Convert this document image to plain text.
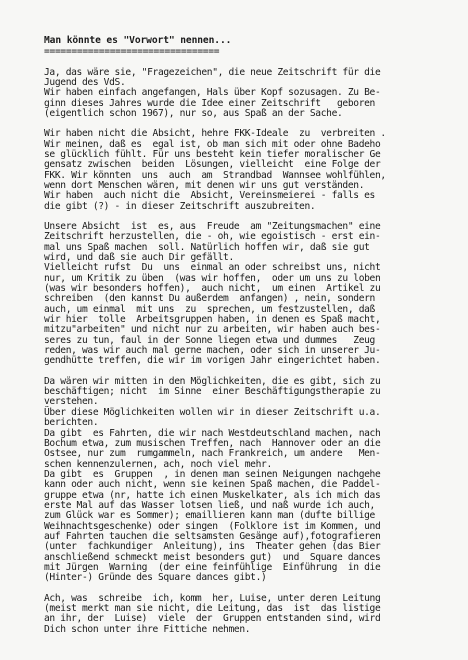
Man könnte es "Vorwort" nennen...
================================
Ja, das wäre sie, "Fragezeichen", die neue Zeitschrift für die
Jugend des VdS.
Wir haben einfach angefangen, Hals über Kopf sozusagen. Zu Be-
ginn dieses Jahres wurde die Idee einer Zeitschrift   geboren
(eigentlich schon 1967), nur so, aus Spaß an der Sache.
Wir haben nicht die Absicht, hehre FKK-Ideale  zu  verbreiten .
Wir meinen, daß es  egal ist, ob man sich mit oder ohne Badeho
se glücklich fühlt. Für uns besteht kein tiefer moralischer Ge
gensatz zwischen  beiden  Lösungen, vielleicht  eine Folge der
FKK. Wir könnten  uns  auch  am  Strandbad  Wannsee wohlfühlen,
wenn dort Menschen wären, mit denen wir uns gut verständen.
Wir haben  auch nicht die  Absicht, Vereinsmeierei - falls es
die gibt (?) - in dieser Zeitschrift auszubreiten.
Unsere Absicht  ist  es, aus  Freude  am "Zeitungsmachen" eine
Zeitschrift herzustellen, die - oh, wie egoistisch - erst ein-
mal uns Spaß machen  soll. Natürlich hoffen wir, daß sie gut
wird, und daß sie auch Dir gefällt.
Vielleicht rufst  Du  uns  einmal an oder schreibst uns, nicht
nur, um Kritik zu üben  (was wir hoffen,  oder um uns zu loben
(was wir besonders hoffen),  auch nicht,  um einen  Artikel zu
schreiben  (den kannst Du außerdem  anfangen) , nein, sondern
auch, um einmal  mit uns  zu  sprechen, um festzustellen, daß
wir hier  tolle  Arbeitsgruppen haben, in denen es Spaß macht,
mitzu"arbeiten" und nicht nur zu arbeiten, wir haben auch bes-
seres zu tun, faul in der Sonne liegen etwa und dummes   Zeug
reden, was wir auch mal gerne machen, oder sich in unserer Ju-
gendhütte treffen, die wir im vorigen Jahr eingerichtet haben.
Da wären wir mitten in den Möglichkeiten, die es gibt, sich zu
beschäftigen; nicht  im Sinne  einer Beschäftigungstherapie zu
verstehen.
Über diese Möglichkeiten wollen wir in dieser Zeitschrift u.a.
berichten.
Da gibt  es Fahrten, die wir nach Westdeutschland machen, nach
Bochum etwa, zum musischen Treffen, nach  Hannover oder an die
Ostsee, nur zum  rumgammeln, nach Frankreich, um andere   Men-
schen kennenzulernen, ach, noch viel mehr.
Da gibt  es  Gruppen  , in denen man seinen Neigungen nachgehe
kann oder auch nicht, wenn sie keinen Spaß machen, die Paddel-
gruppe etwa (nr, hatte ich einen Muskelkater, als ich mich das
erste Mal auf das Wasser lotsen ließ, und naß wurde ich auch,
zum Glück war es Sommer); emaillieren kann man (dufte billige
Weihnachtsgeschenke) oder singen  (Folklore ist im Kommen, und
auf Fahrten tauchen die seltsamsten Gesänge auf),fotografieren
(unter  fachkundiger  Anleitung), ins  Theater gehen (das Bier
anschließend schmeckt meist besonders gut)  und  Square dances
mit Jürgen  Warning  (der eine feinfühlige  Einführung  in die
(Hinter-) Gründe des Square dances gibt.)
Ach, was  schreibe  ich, komm  her, Luise, unter deren Leitung
(meist merkt man sie nicht, die Leitung, das  ist  das listige
an ihr, der  Luise)  viele  der  Gruppen entstanden sind, wird
Dich schon unter ihre Fittiche nehmen.
